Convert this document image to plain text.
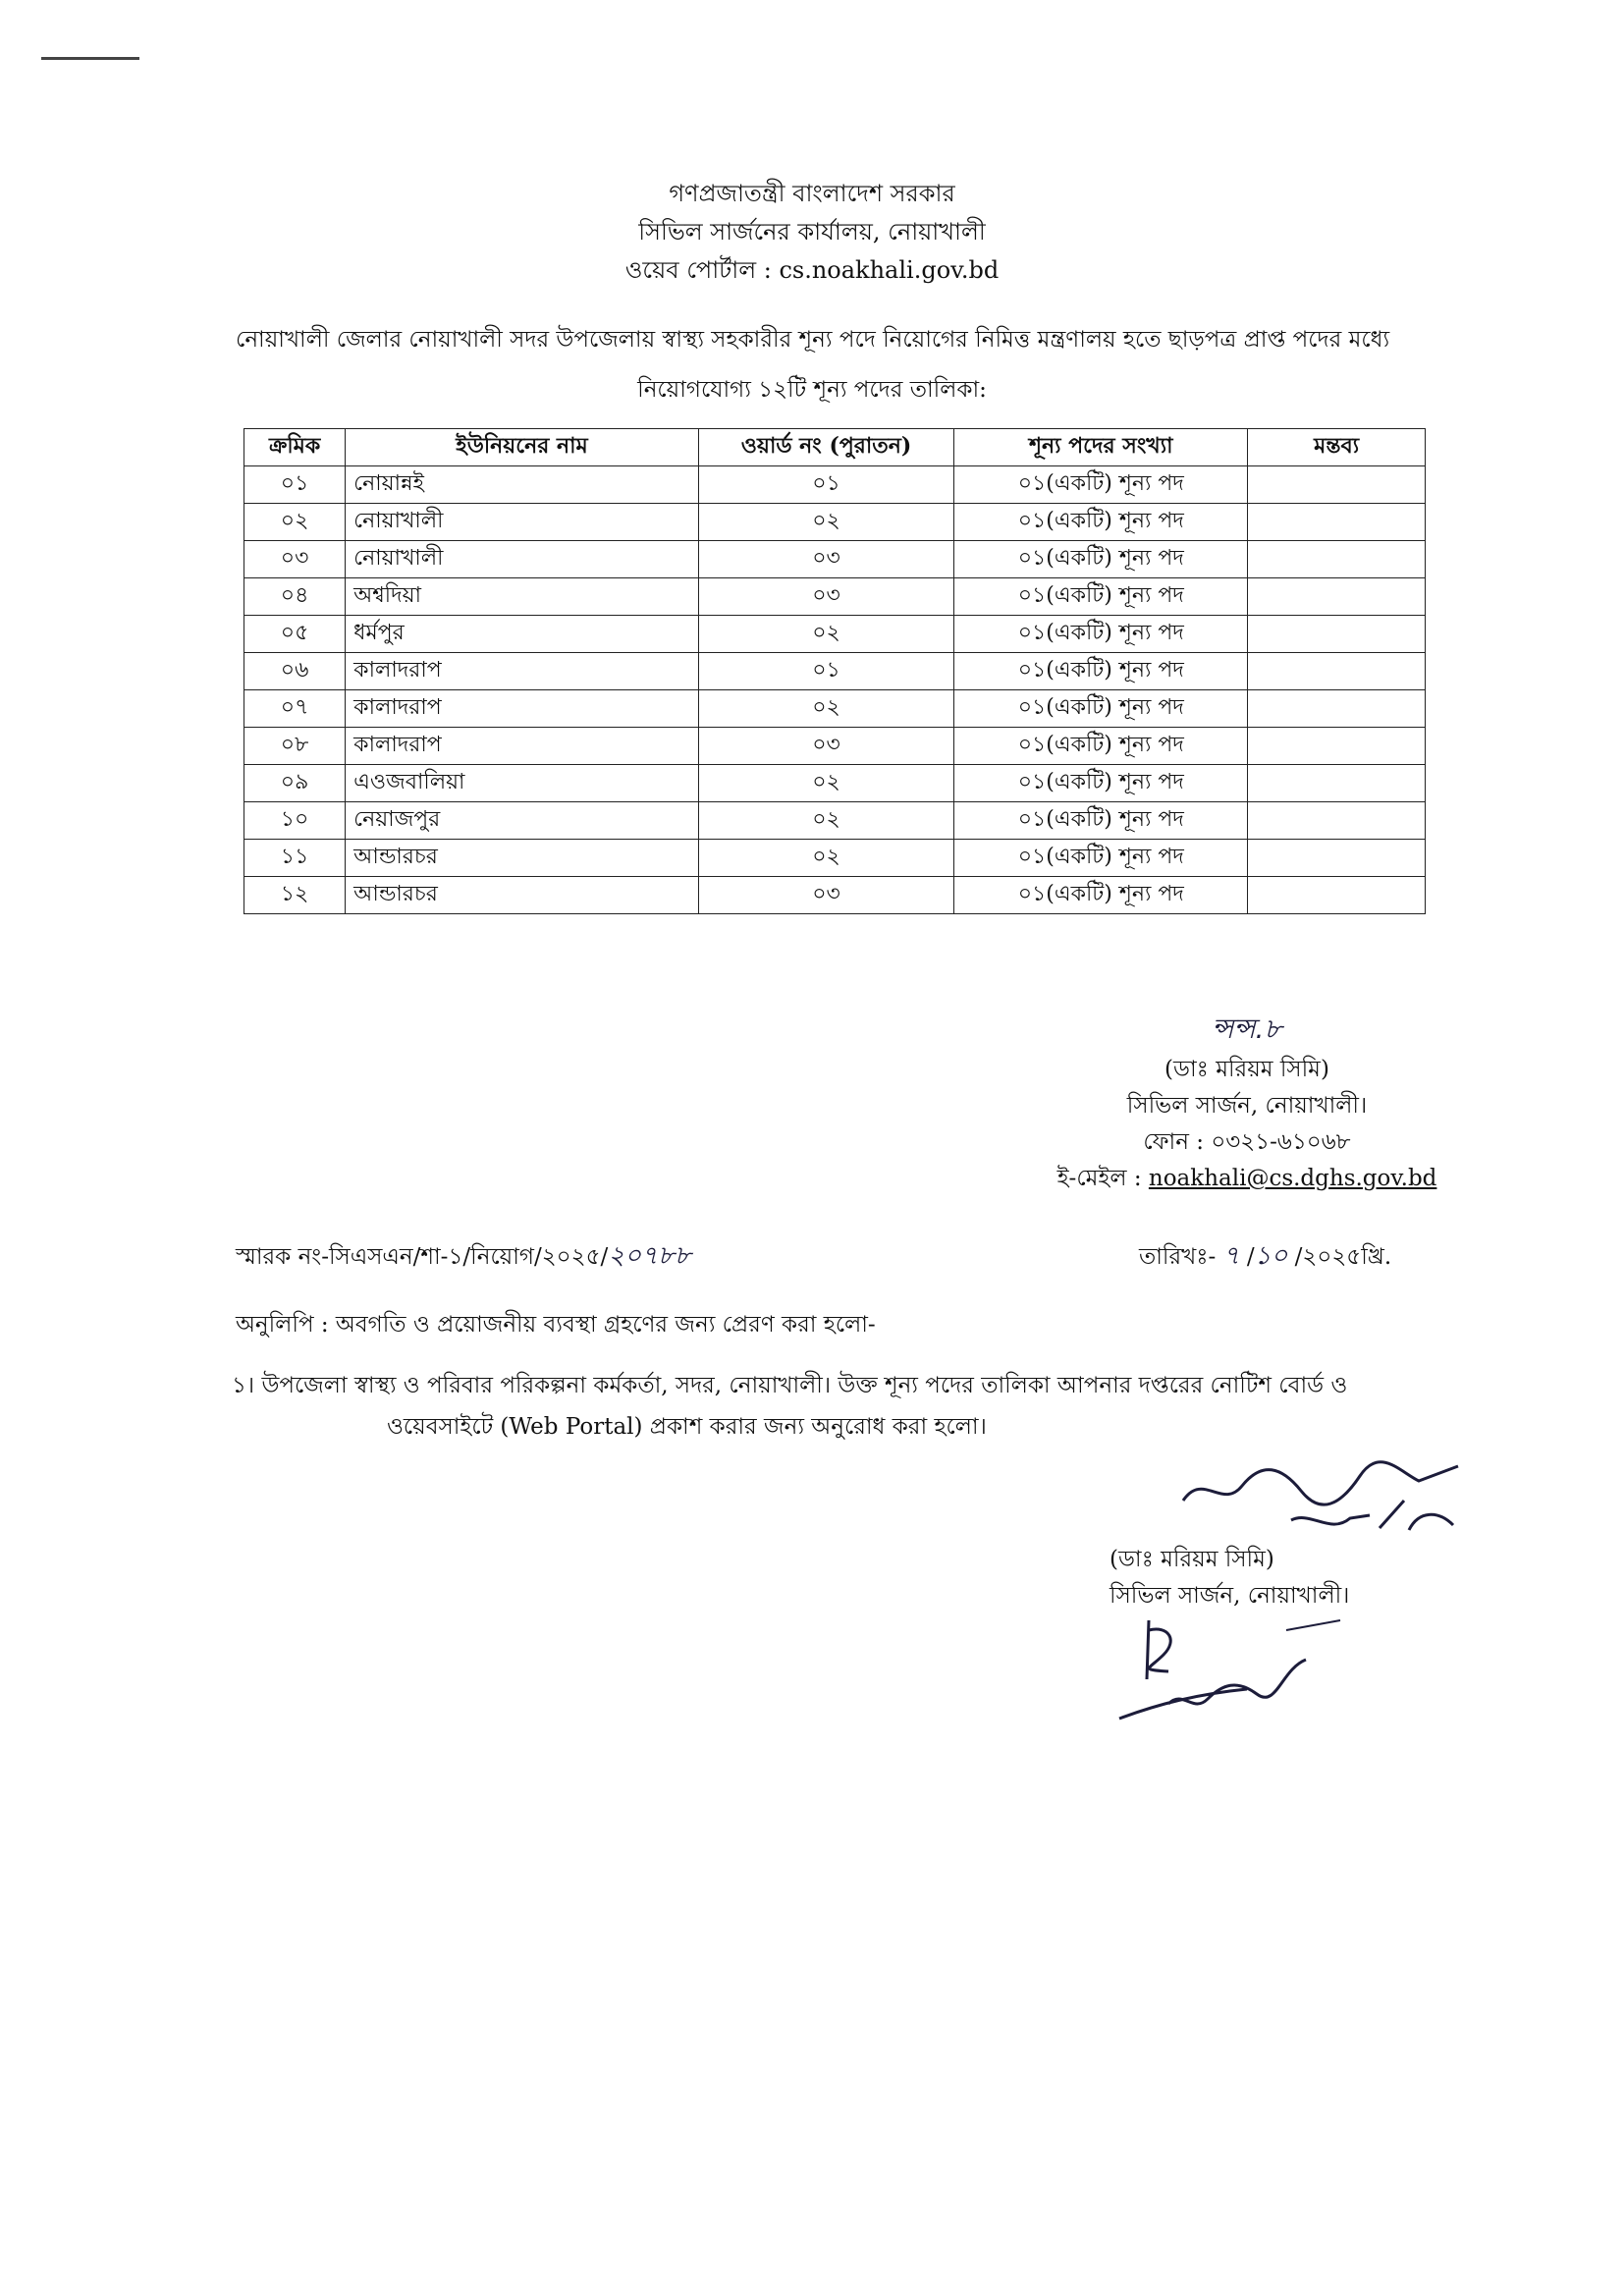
গণপ্রজাতন্ত্রী বাংলাদেশ সরকার
সিভিল সার্জনের কার্যালয়, নোয়াখালী
ওয়েব পোর্টাল : cs.noakhali.gov.bd
নোয়াখালী জেলার নোয়াখালী সদর উপজেলায় স্বাস্থ্য সহকারীর শূন্য পদে নিয়োগের নিমিত্ত মন্ত্রণালয় হতে ছাড়পত্র প্রাপ্ত পদের মধ্যে
নিয়োগযোগ্য ১২টি শূন্য পদের তালিকা:
ক্রমিক	ইউনিয়নের নাম	ওয়ার্ড নং (পুরাতন)	শূন্য পদের সংখ্যা	মন্তব্য
০১	নোয়ান্নই	০১	০১(একটি) শূন্য পদ	
০২	নোয়াখালী	০২	০১(একটি) শূন্য পদ	
০৩	নোয়াখালী	০৩	০১(একটি) শূন্য পদ	
০৪	অশ্বদিয়া	০৩	০১(একটি) শূন্য পদ	
০৫	ধর্মপুর	০২	০১(একটি) শূন্য পদ	
০৬	কালাদরাপ	০১	০১(একটি) শূন্য পদ	
০৭	কালাদরাপ	০২	০১(একটি) শূন্য পদ	
০৮	কালাদরাপ	০৩	০১(একটি) শূন্য পদ	
০৯	এওজবালিয়া	০২	০১(একটি) শূন্য পদ	
১০	নেয়াজপুর	০২	০১(একটি) শূন্য পদ	
১১	আন্ডারচর	০২	০১(একটি) শূন্য পদ	
১২	আন্ডারচর	০৩	০১(একটি) শূন্য পদ	
ন্সন্স.৮
(ডাঃ মরিয়ম সিমি)
সিভিল সার্জন, নোয়াখালী।
ফোন : ০৩২১-৬১০৬৮
ই-মেইল : noakhali@cs.dghs.gov.bd
স্মারক নং-সিএসএন/শা-১/নিয়োগ/২০২৫/২০৭৮৮	তারিখঃ- ৭ /১০ /২০২৫খ্রি.
অনুলিপি : অবগতি ও প্রয়োজনীয় ব্যবস্থা গ্রহণের জন্য প্রেরণ করা হলো-
১। উপজেলা স্বাস্থ্য ও পরিবার পরিকল্পনা কর্মকর্তা, সদর, নোয়াখালী। উক্ত শূন্য পদের তালিকা আপনার দপ্তরের নোটিশ বোর্ড ও
ওয়েবসাইটে (Web Portal) প্রকাশ করার জন্য অনুরোধ করা হলো।
(ডাঃ মরিয়ম সিমি)
সিভিল সার্জন, নোয়াখালী।
